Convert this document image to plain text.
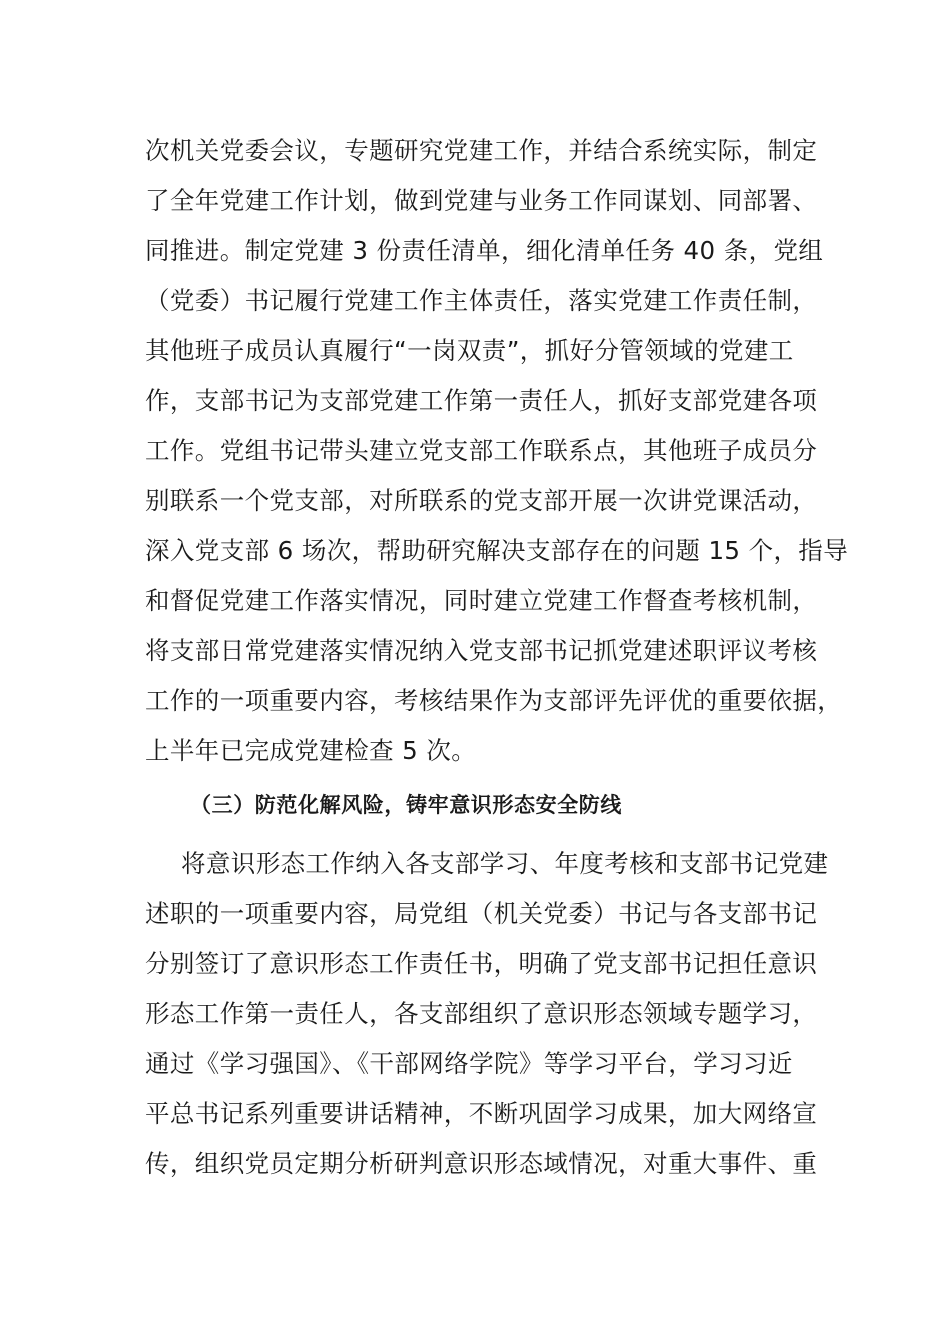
次机关党委会议，专题研究党建工作，并结合系统实际，制定
了全年党建工作计划，做到党建与业务工作同谋划、同部署、
同推进。制定党建 3 份责任清单，细化清单任务 40 条，党组
（党委）书记履行党建工作主体责任，落实党建工作责任制，
其他班子成员认真履行“一岗双责”，抓好分管领域的党建工
作，支部书记为支部党建工作第一责任人，抓好支部党建各项
工作。党组书记带头建立党支部工作联系点，其他班子成员分
别联系一个党支部，对所联系的党支部开展一次讲党课活动，
深入党支部 6 场次，帮助研究解决支部存在的问题 15 个，指导
和督促党建工作落实情况，同时建立党建工作督查考核机制，
将支部日常党建落实情况纳入党支部书记抓党建述职评议考核
工作的一项重要内容，考核结果作为支部评先评优的重要依据，
上半年已完成党建检查 5 次。
（三）防范化解风险，铸牢意识形态安全防线
将意识形态工作纳入各支部学习、年度考核和支部书记党建
述职的一项重要内容，局党组（机关党委）书记与各支部书记
分别签订了意识形态工作责任书，明确了党支部书记担任意识
形态工作第一责任人，各支部组织了意识形态领域专题学习，
通过《学习强国》、《干部网络学院》等学习平台，学习习近
平总书记系列重要讲话精神，不断巩固学习成果，加大网络宣
传，组织党员定期分析研判意识形态域情况，对重大事件、重
